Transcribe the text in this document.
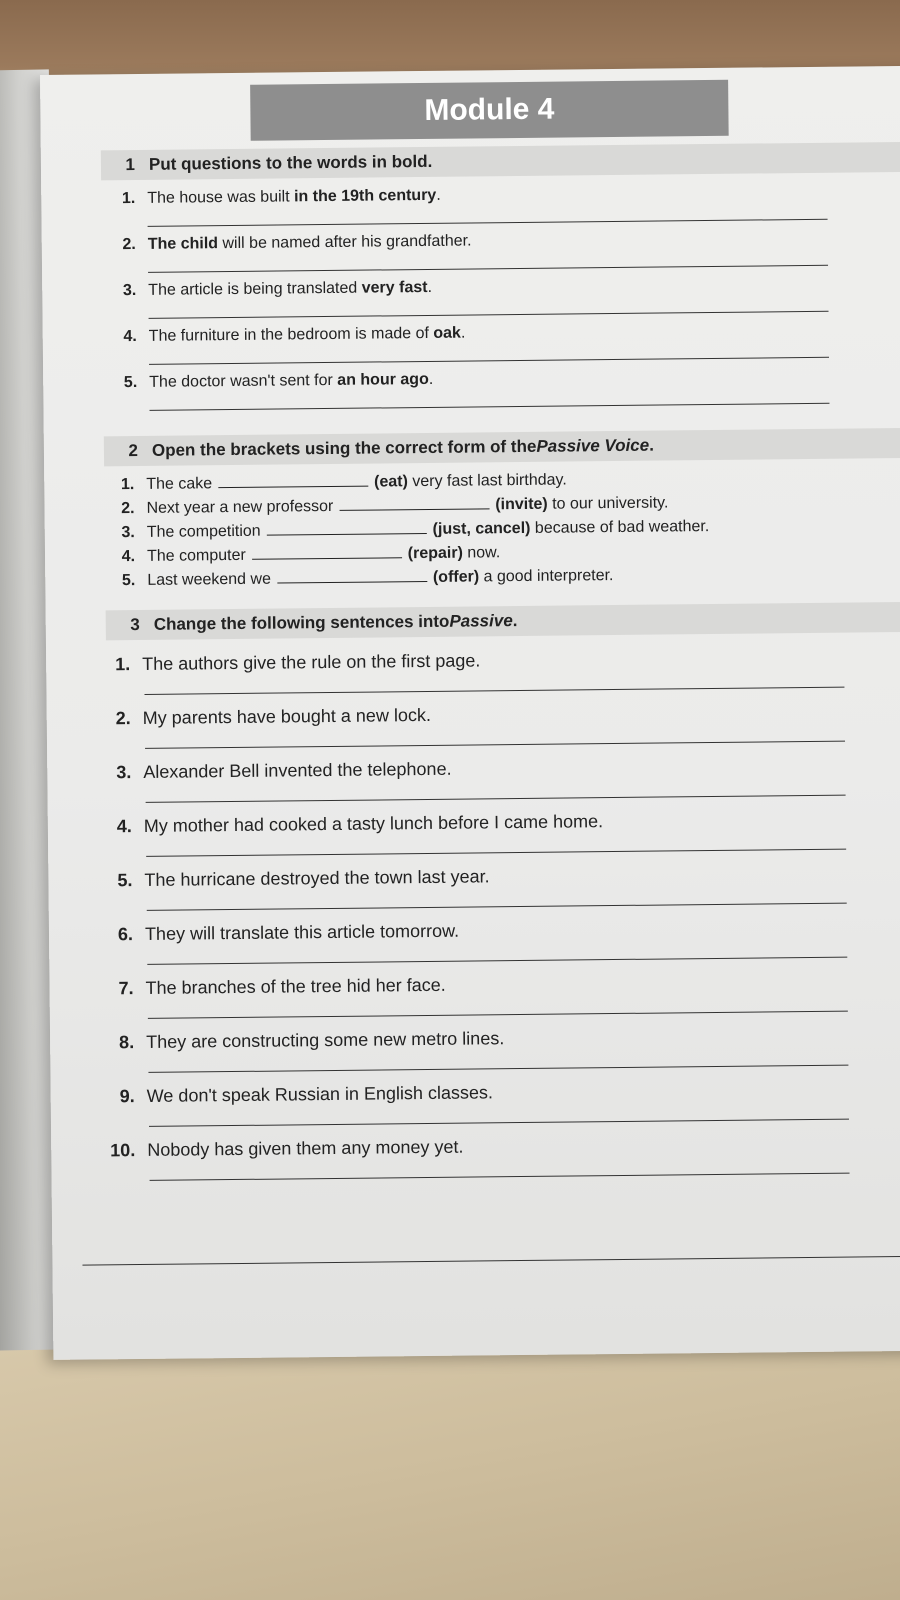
Module 4
1 Put questions to the words in bold.
1. The house was built in the 19th century.
2. The child will be named after his grandfather.
3. The article is being translated very fast.
4. The furniture in the bedroom is made of oak.
5. The doctor wasn't sent for an hour ago.
2 Open the brackets using the correct form of the Passive Voice .
1. The cake	(eat) very fast last birthday.
2. Next year a new professor	(invite) to our university.
3. The competition	(just, cancel) because of bad weather.
4. The computer	(repair) now.
5. Last weekend we	(offer) a good interpreter.
3 Change the following sentences into Passive .
1. The authors give the rule on the first page.
2. My parents have bought a new lock.
3. Alexander Bell invented the telephone.
4. My mother had cooked a tasty lunch before I came home.
5. The hurricane destroyed the town last year.
6. They will translate this article tomorrow.
7. The branches of the tree hid her face.
8. They are constructing some new metro lines.
9. We don't speak Russian in English classes.
10. Nobody has given them any money yet.
